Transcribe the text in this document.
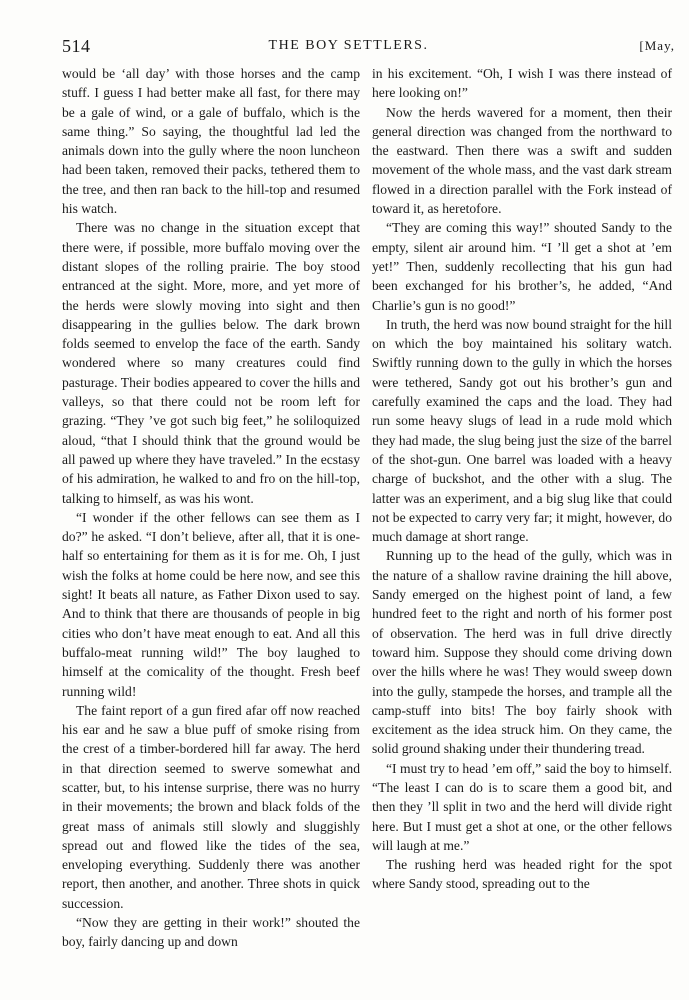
514	THE BOY SETTLERS.	[May,

would be ‘all day’ with those horses and the camp stuff. I guess I had better make all fast, for there may be a gale of wind, or a gale of buffalo, which is the same thing.” So saying, the thoughtful lad led the animals down into the gully where the noon luncheon had been taken, removed their packs, tethered them to the tree, and then ran back to the hill-top and resumed his watch.

There was no change in the situation except that there were, if possible, more buffalo moving over the distant slopes of the rolling prairie. The boy stood entranced at the sight. More, more, and yet more of the herds were slowly moving into sight and then disappearing in the gullies below. The dark brown folds seemed to envelop the face of the earth. Sandy wondered where so many creatures could find pasturage. Their bodies appeared to cover the hills and valleys, so that there could not be room left for grazing. “They ’ve got such big feet,” he soliloquized aloud, “that I should think that the ground would be all pawed up where they have traveled.” In the ecstasy of his admiration, he walked to and fro on the hill-top, talking to himself, as was his wont.

“I wonder if the other fellows can see them as I do?” he asked. “I don’t believe, after all, that it is one-half so entertaining for them as it is for me. Oh, I just wish the folks at home could be here now, and see this sight! It beats all nature, as Father Dixon used to say. And to think that there are thousands of people in big cities who don’t have meat enough to eat. And all this buffalo-meat running wild!” The boy laughed to himself at the comicality of the thought. Fresh beef running wild!

The faint report of a gun fired afar off now reached his ear and he saw a blue puff of smoke rising from the crest of a timber-bordered hill far away. The herd in that direction seemed to swerve somewhat and scatter, but, to his intense surprise, there was no hurry in their movements; the brown and black folds of the great mass of animals still slowly and sluggishly spread out and flowed like the tides of the sea, enveloping everything. Suddenly there was another report, then another, and another. Three shots in quick succession.

“Now they are getting in their work!” shouted the boy, fairly dancing up and down

in his excitement. “Oh, I wish I was there instead of here looking on!”

Now the herds wavered for a moment, then their general direction was changed from the northward to the eastward. Then there was a swift and sudden movement of the whole mass, and the vast dark stream flowed in a direction parallel with the Fork instead of toward it, as heretofore.

“They are coming this way!” shouted Sandy to the empty, silent air around him. “I ’ll get a shot at ’em yet!” Then, suddenly recollecting that his gun had been exchanged for his brother’s, he added, “And Charlie’s gun is no good!”

In truth, the herd was now bound straight for the hill on which the boy maintained his solitary watch. Swiftly running down to the gully in which the horses were tethered, Sandy got out his brother’s gun and carefully examined the caps and the load. They had run some heavy slugs of lead in a rude mold which they had made, the slug being just the size of the barrel of the shot-gun. One barrel was loaded with a heavy charge of buckshot, and the other with a slug. The latter was an experiment, and a big slug like that could not be expected to carry very far; it might, however, do much damage at short range.

Running up to the head of the gully, which was in the nature of a shallow ravine draining the hill above, Sandy emerged on the highest point of land, a few hundred feet to the right and north of his former post of observation. The herd was in full drive directly toward him. Suppose they should come driving down over the hills where he was! They would sweep down into the gully, stampede the horses, and trample all the camp-stuff into bits! The boy fairly shook with excitement as the idea struck him. On they came, the solid ground shaking under their thundering tread.

“I must try to head ’em off,” said the boy to himself. “The least I can do is to scare them a good bit, and then they ’ll split in two and the herd will divide right here. But I must get a shot at one, or the other fellows will laugh at me.”

The rushing herd was headed right for the spot where Sandy stood, spreading out to the
